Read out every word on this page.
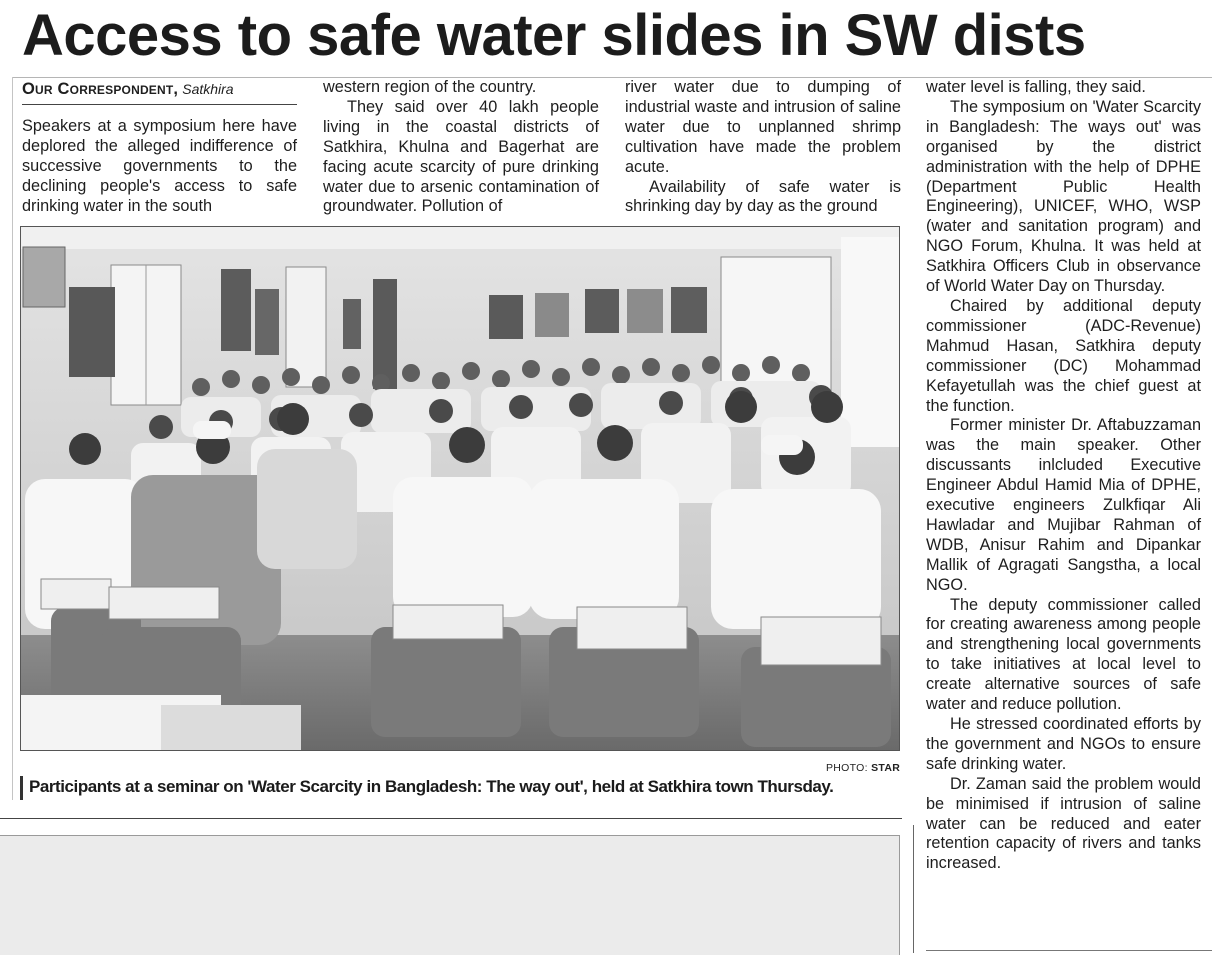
Access to safe water slides in SW dists
Our Correspondent, Satkhira

Speakers at a symposium here have deplored the alleged indifference of successive governments to the declining people's access to safe drinking water in the south

western region of the country.

They said over 40 lakh people living in the coastal districts of Satkhira, Khulna and Bagerhat are facing acute scarcity of pure drinking water due to arsenic contamination of groundwater. Pollution of

river water due to dumping of industrial waste and intrusion of saline water due to unplanned shrimp cultivation have made the problem acute.

Availability of safe water is shrinking day by day as the ground

water level is falling, they said.

The symposium on 'Water Scarcity in Bangladesh: The ways out' was organised by the district administration with the help of DPHE (Department Public Health Engineering), UNICEF, WHO, WSP (water and sanitation program) and NGO Forum, Khulna. It was held at Satkhira Officers Club in observance of World Water Day on Thursday.

Chaired by additional deputy commissioner (ADC-Revenue) Mahmud Hasan, Satkhira deputy commissioner (DC) Mohammad Kefayetullah was the chief guest at the function.

Former minister Dr. Aftabuzzaman was the main speaker. Other discussants inlcluded Executive Engineer Abdul Hamid Mia of DPHE, executive engineers Zulkfiqar Ali Hawladar and Mujibar Rahman of WDB, Anisur Rahim and Dipankar Mallik of Agragati Sangstha, a local NGO.

The deputy commissioner called for creating awareness among people and strengthening local governments to take initiatives at local level to create alternative sources of safe water and reduce pollution.

He stressed coordinated efforts by the government and NGOs to ensure safe drinking water.

Dr. Zaman said the problem would be minimised if intrusion of saline water can be reduced and eater retention capacity of rivers and tanks increased.

PHOTO: STAR
Participants at a seminar on 'Water Scarcity in Bangladesh: The way out', held at Satkhira town Thursday.
